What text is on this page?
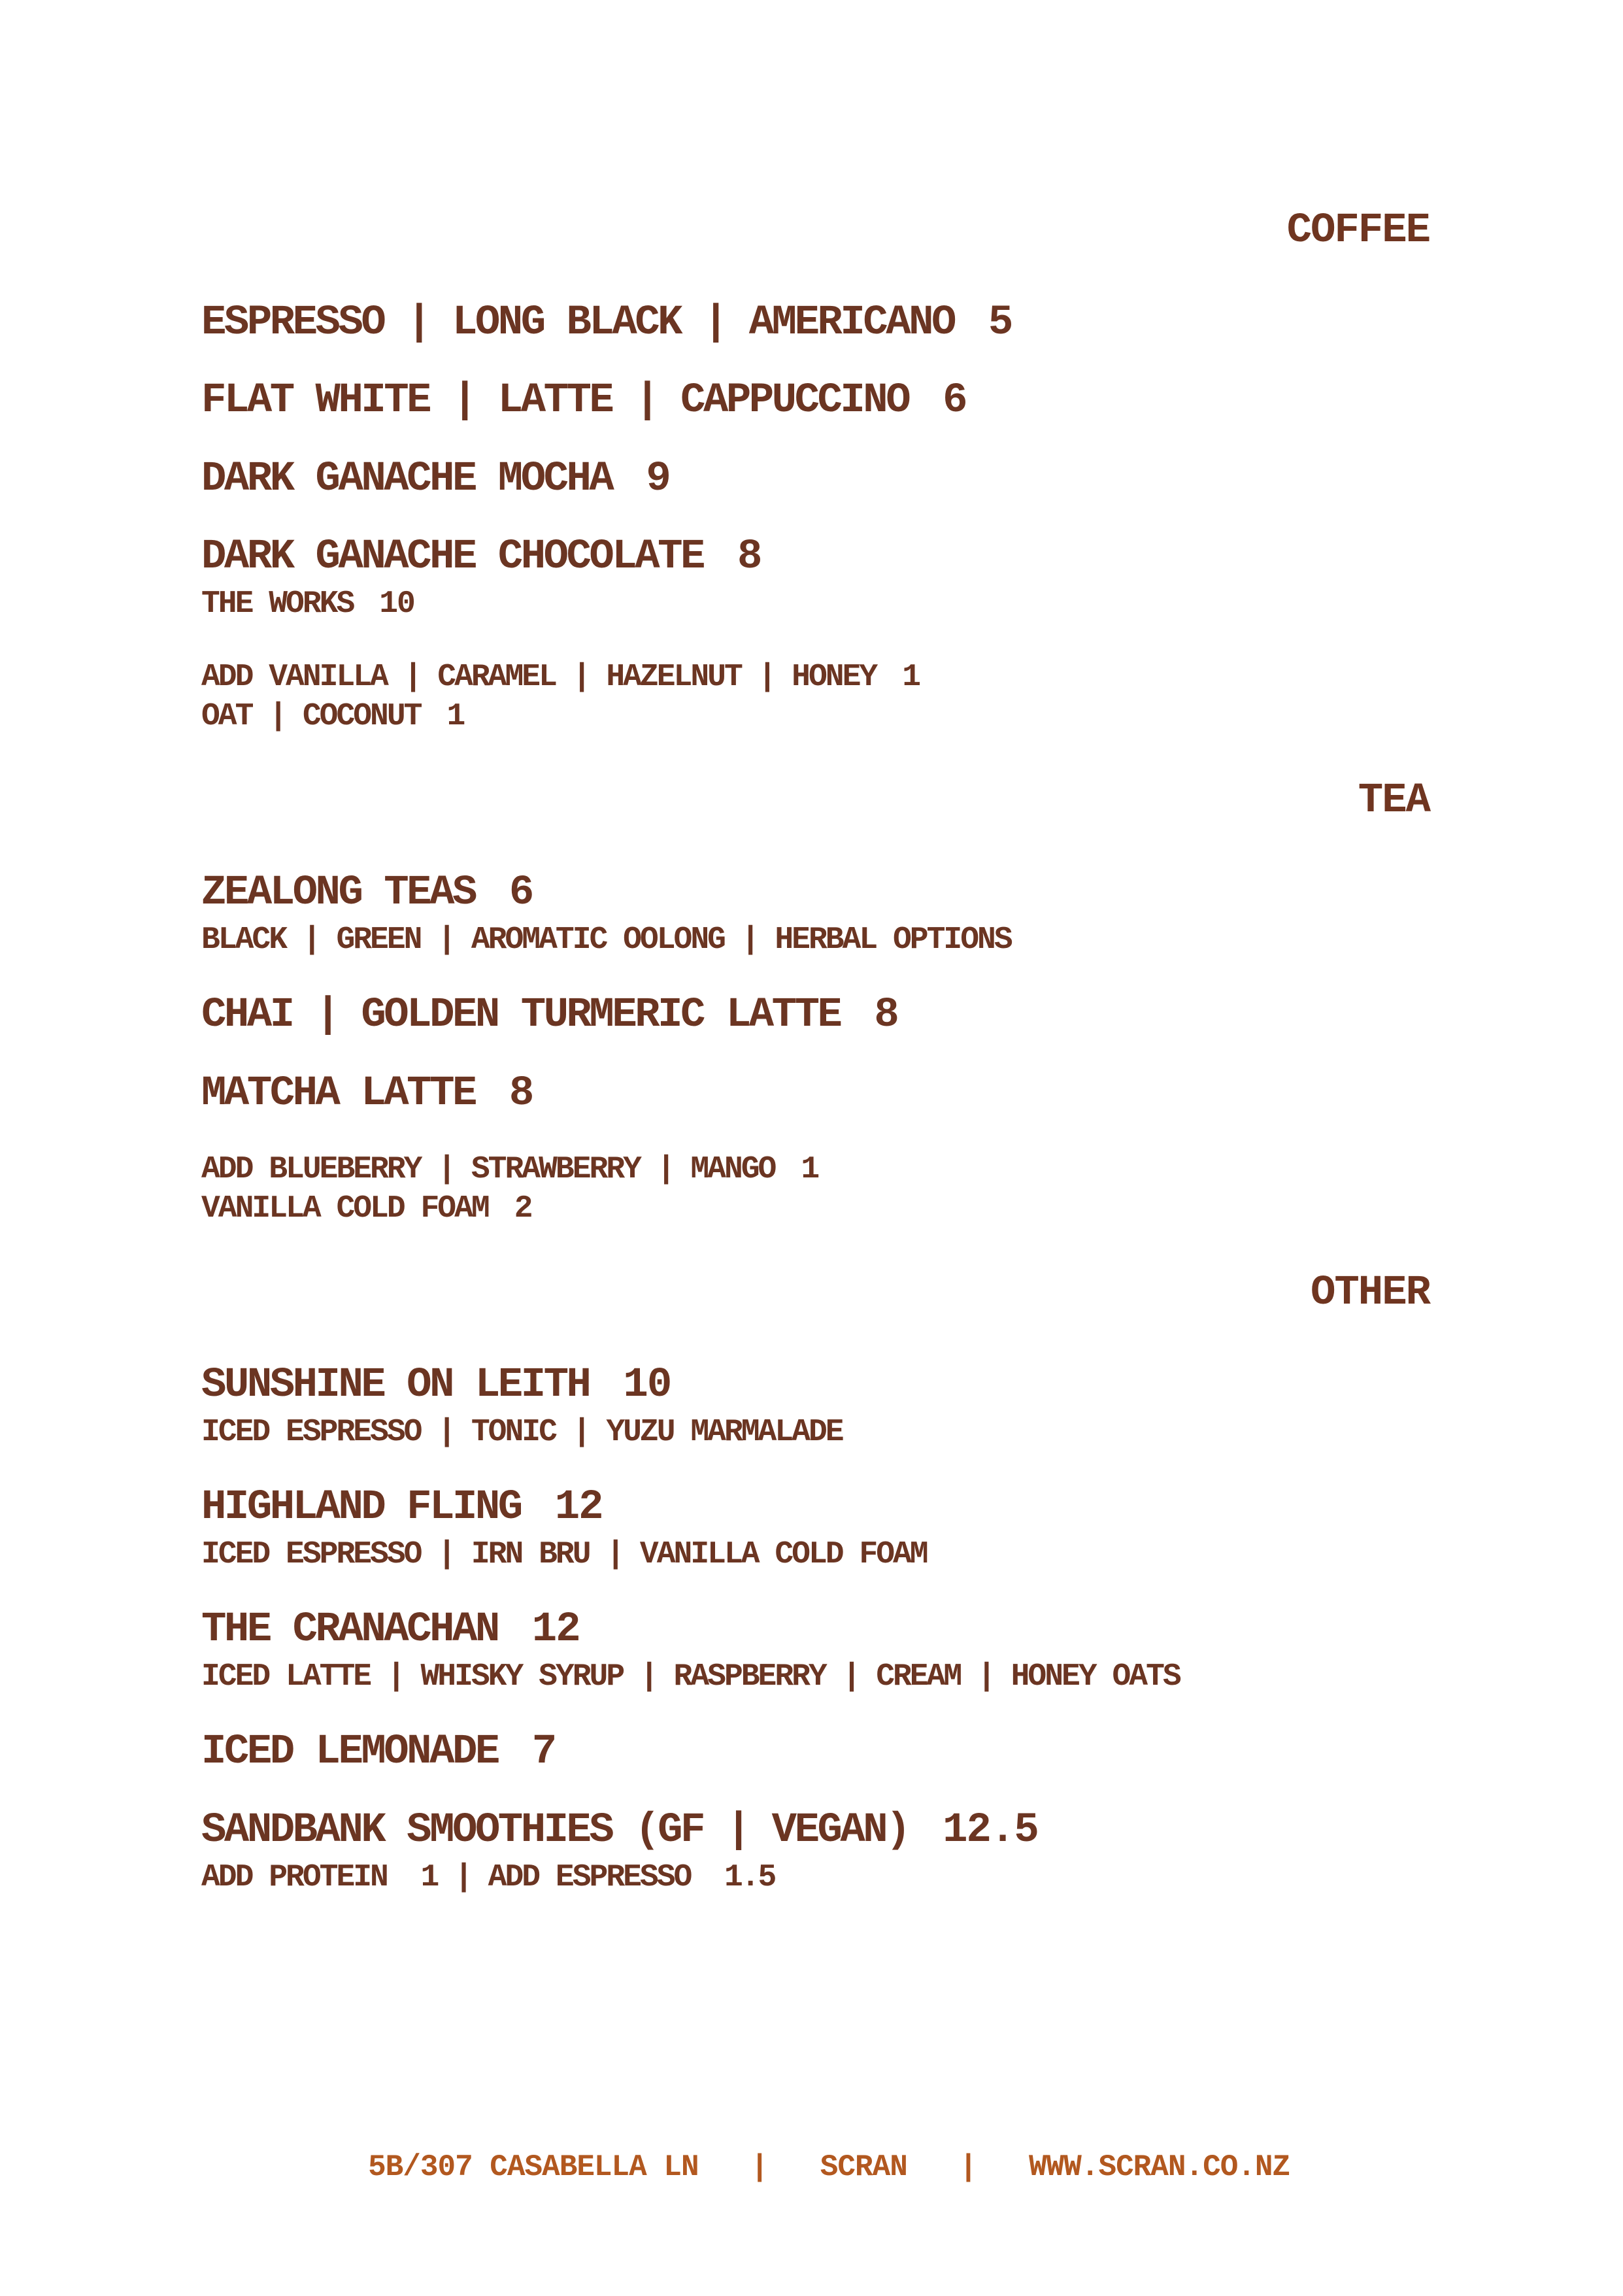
COFFEE
ESPRESSO | LONG BLACK | AMERICANO 5
FLAT WHITE | LATTE | CAPPUCCINO 6
DARK GANACHE MOCHA 9
DARK GANACHE CHOCOLATE 8
THE WORKS 10
ADD VANILLA | CARAMEL | HAZELNUT | HONEY 1
OAT | COCONUT 1
TEA
ZEALONG TEAS 6
BLACK | GREEN | AROMATIC OOLONG | HERBAL OPTIONS
CHAI | GOLDEN TURMERIC LATTE 8
MATCHA LATTE 8
ADD BLUEBERRY | STRAWBERRY | MANGO 1
VANILLA COLD FOAM 2
OTHER
SUNSHINE ON LEITH 10
ICED ESPRESSO | TONIC | YUZU MARMALADE
HIGHLAND FLING 12
ICED ESPRESSO | IRN BRU | VANILLA COLD FOAM
THE CRANACHAN 12
ICED LATTE | WHISKY SYRUP | RASPBERRY | CREAM | HONEY OATS
ICED LEMONADE 7
SANDBANK SMOOTHIES (GF | VEGAN) 12.5
ADD PROTEIN  1 | ADD ESPRESSO  1.5

5B/307 CASABELLA LN   |   SCRAN   |   WWW.SCRAN.CO.NZ
